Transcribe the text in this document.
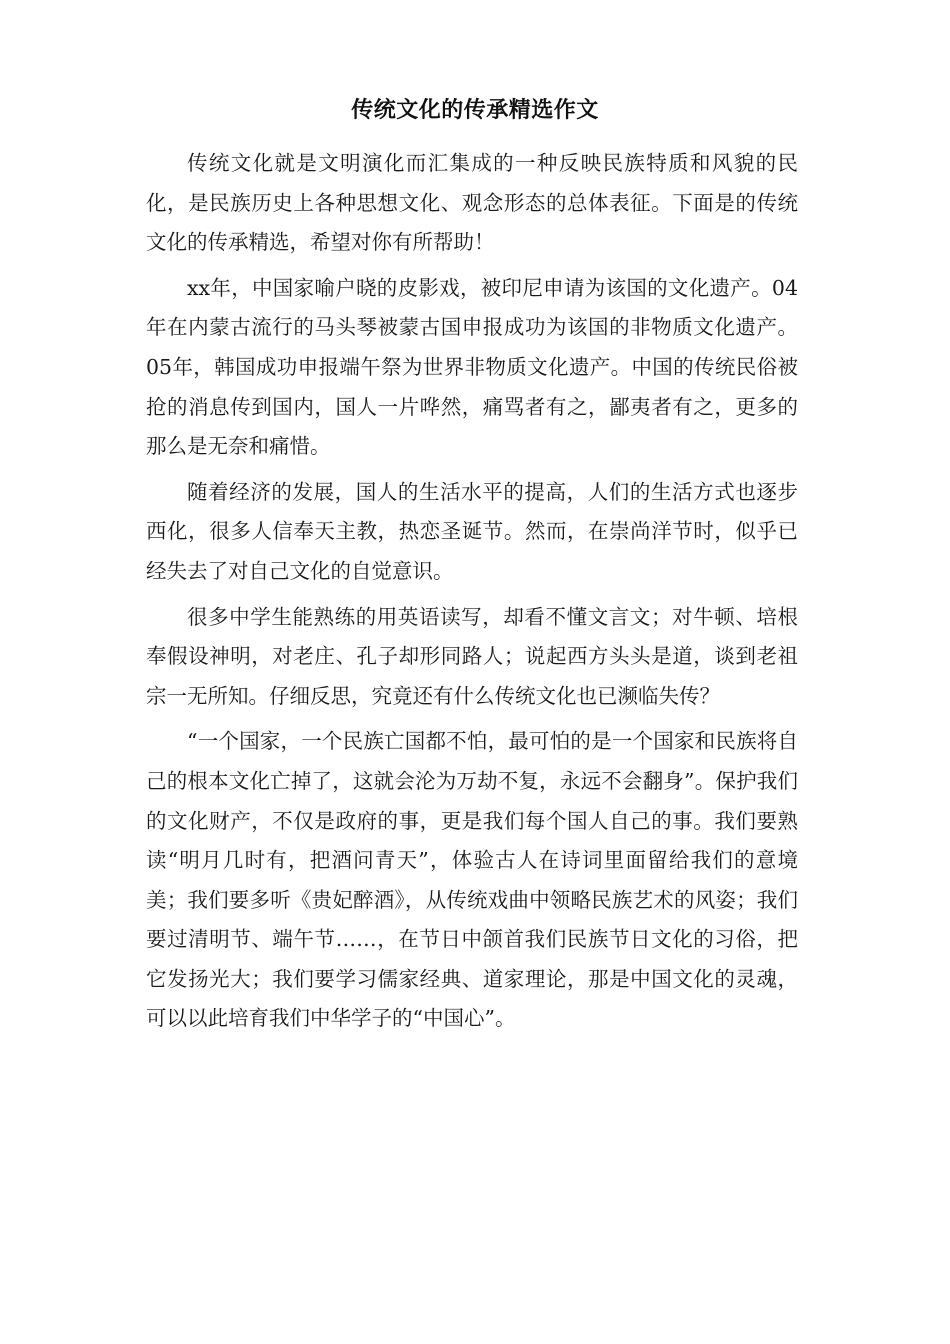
传统文化的传承精选作文

传统文化就是文明演化而汇集成的一种反映民族特质和风貌的民化，是民族历史上各种思想文化、观念形态的总体表征。下面是的传统文化的传承精选，希望对你有所帮助！

xx年，中国家喻户晓的皮影戏，被印尼申请为该国的文化遗产。04年在内蒙古流行的马头琴被蒙古国申报成功为该国的非物质文化遗产。05年，韩国成功申报端午祭为世界非物质文化遗产。中国的传统民俗被抢的消息传到国内，国人一片哗然，痛骂者有之，鄙夷者有之，更多的那么是无奈和痛惜。

随着经济的发展，国人的生活水平的提高，人们的生活方式也逐步西化，很多人信奉天主教，热恋圣诞节。然而，在崇尚洋节时，似乎已经失去了对自己文化的自觉意识。

很多中学生能熟练的用英语读写，却看不懂文言文；对牛顿、培根奉假设神明，对老庄、孔子却形同路人；说起西方头头是道，谈到老祖宗一无所知。仔细反思，究竟还有什么传统文化也已濒临失传？

“一个国家，一个民族亡国都不怕，最可怕的是一个国家和民族将自己的根本文化亡掉了，这就会沦为万劫不复，永远不会翻身”。保护我们的文化财产，不仅是政府的事，更是我们每个国人自己的事。我们要熟读“明月几时有，把酒问青天”，体验古人在诗词里面留给我们的意境美；我们要多听《贵妃醉酒》，从传统戏曲中领略民族艺术的风姿；我们要过清明节、端午节……，在节日中颌首我们民族节日文化的习俗，把它发扬光大；我们要学习儒家经典、道家理论，那是中国文化的灵魂，可以以此培育我们中华学子的“中国心”。
